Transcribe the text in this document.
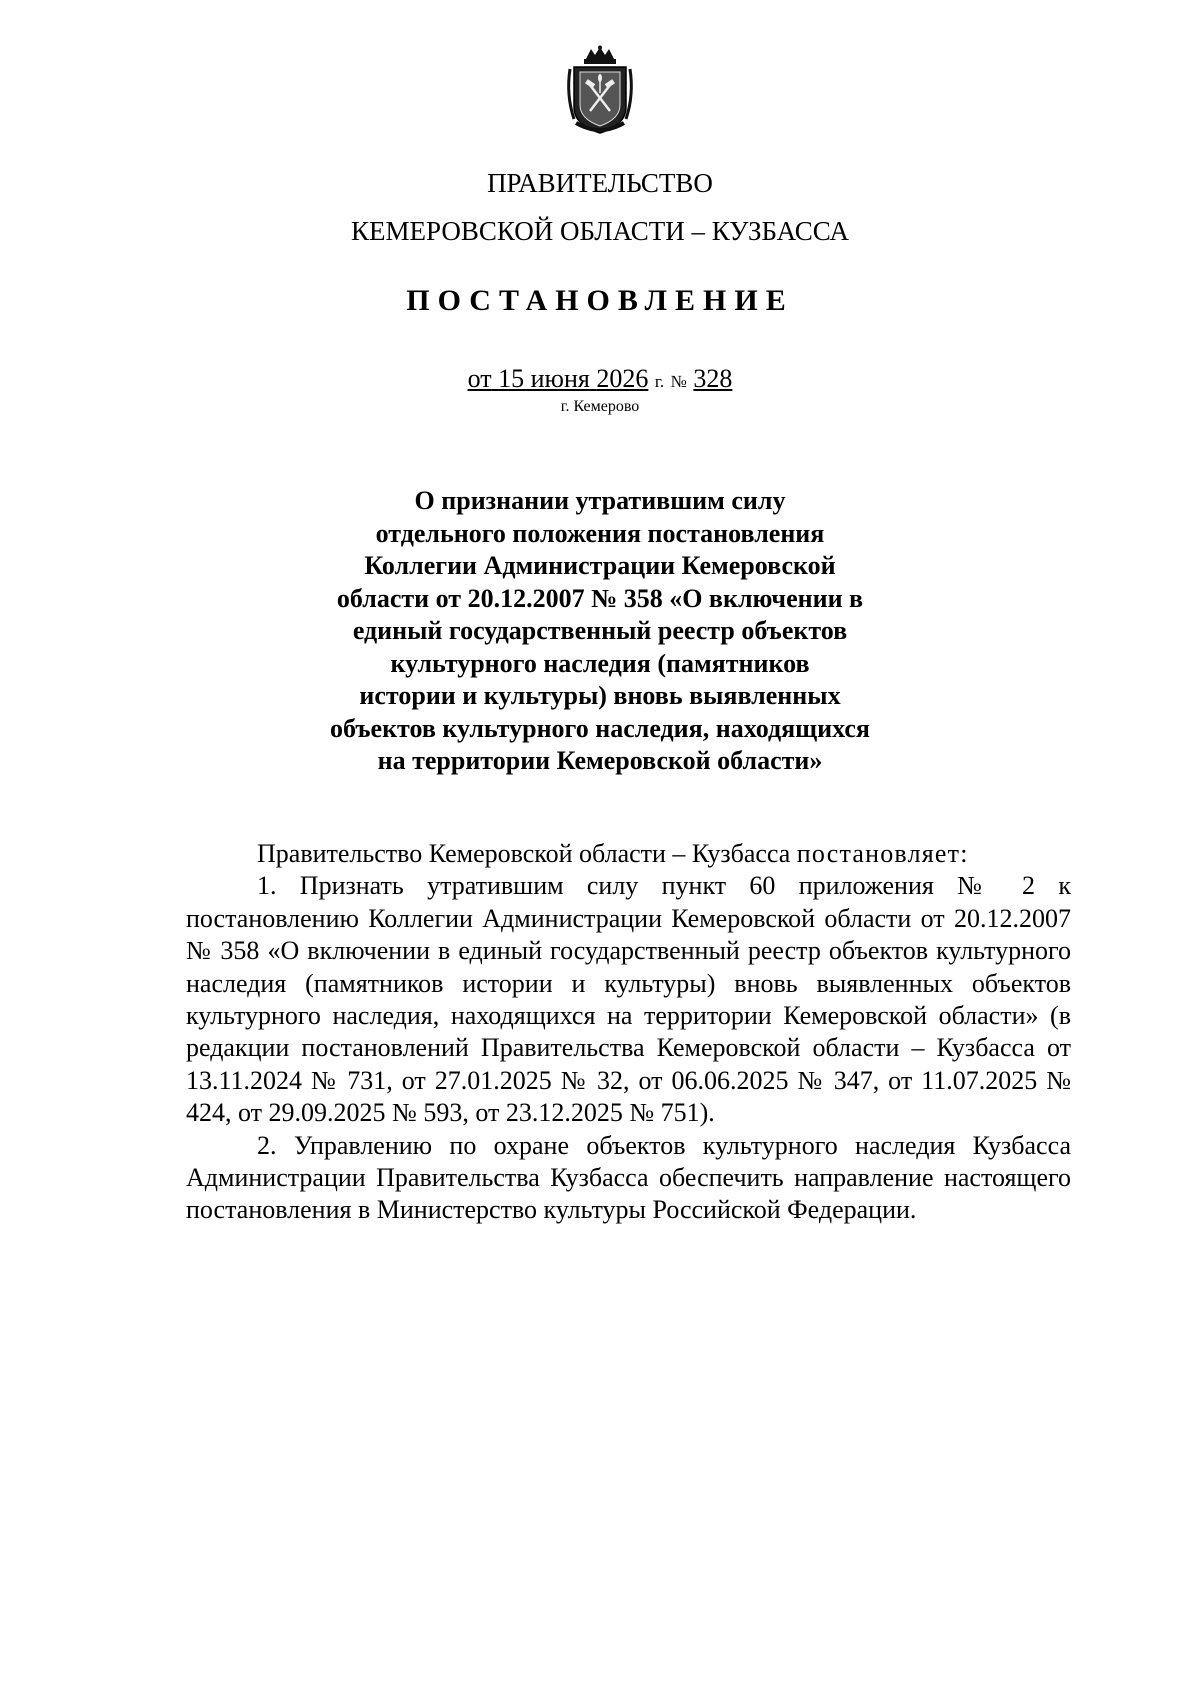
ПРАВИТЕЛЬСТВО
КЕМЕРОВСКОЙ ОБЛАСТИ – КУЗБАССА
ПОСТАНОВЛЕНИЕ
от 15 июня 2026 г. № 328
г. Кемерово
О признании утратившим силу
отдельного положения постановления
Коллегии Администрации Кемеровской
области от 20.12.2007 № 358 «О включении в
единый государственный реестр объектов
культурного наследия (памятников
истории и культуры) вновь выявленных
объектов культурного наследия, находящихся
на территории Кемеровской области»

Правительство Кемеровской области – Кузбасса постановляет:

1. Признать утратившим силу пункт 60 приложения № 2 к постановлению Коллегии Администрации Кемеровской области от 20.12.2007 № 358 «О включении в единый государственный реестр объектов культурного наследия (памятников истории и культуры) вновь выявленных объектов культурного наследия, находящихся на территории Кемеровской области» (в редакции постановлений Правительства Кемеровской области – Кузбасса от 13.11.2024 № 731, от 27.01.2025 № 32, от 06.06.2025 № 347, от 11.07.2025 № 424, от 29.09.2025 № 593, от 23.12.2025 № 751).

2. Управлению по охране объектов культурного наследия Кузбасса Администрации Правительства Кузбасса обеспечить направление настоящего постановления в Министерство культуры Российской Федерации.
